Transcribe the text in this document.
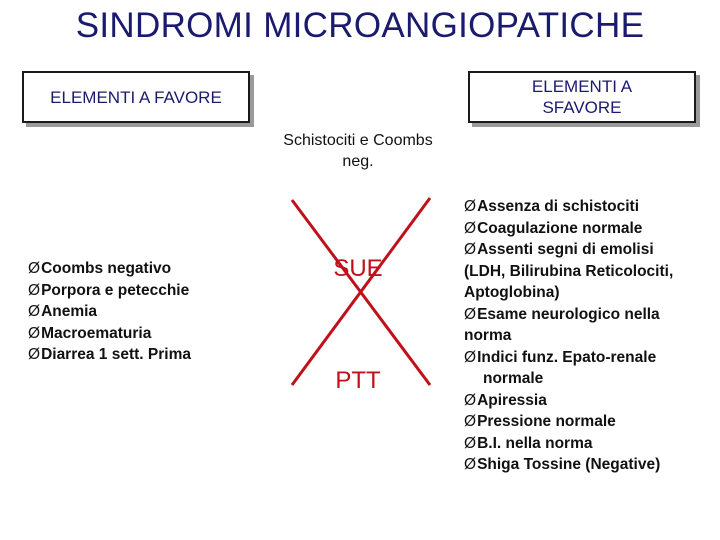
SINDROMI MICROANGIOPATICHE
ELEMENTI A FAVORE
ELEMENTI A SFAVORE
Schistociti e Coombs neg.
SUE
PTT
ØCoombs negativo
ØPorpora e petecchie
ØAnemia
ØMacroematuria
ØDiarrea 1 sett. Prima
ØAssenza di schistociti
ØCoagulazione normale
ØAssenti segni di emolisi
(LDH, Bilirubina Reticolociti,
Aptoglobina)
ØEsame neurologico nella
norma
ØIndici funz. Epato-renale
normale
ØApiressia
ØPressione normale
ØB.I. nella norma
ØShiga Tossine (Negative)
